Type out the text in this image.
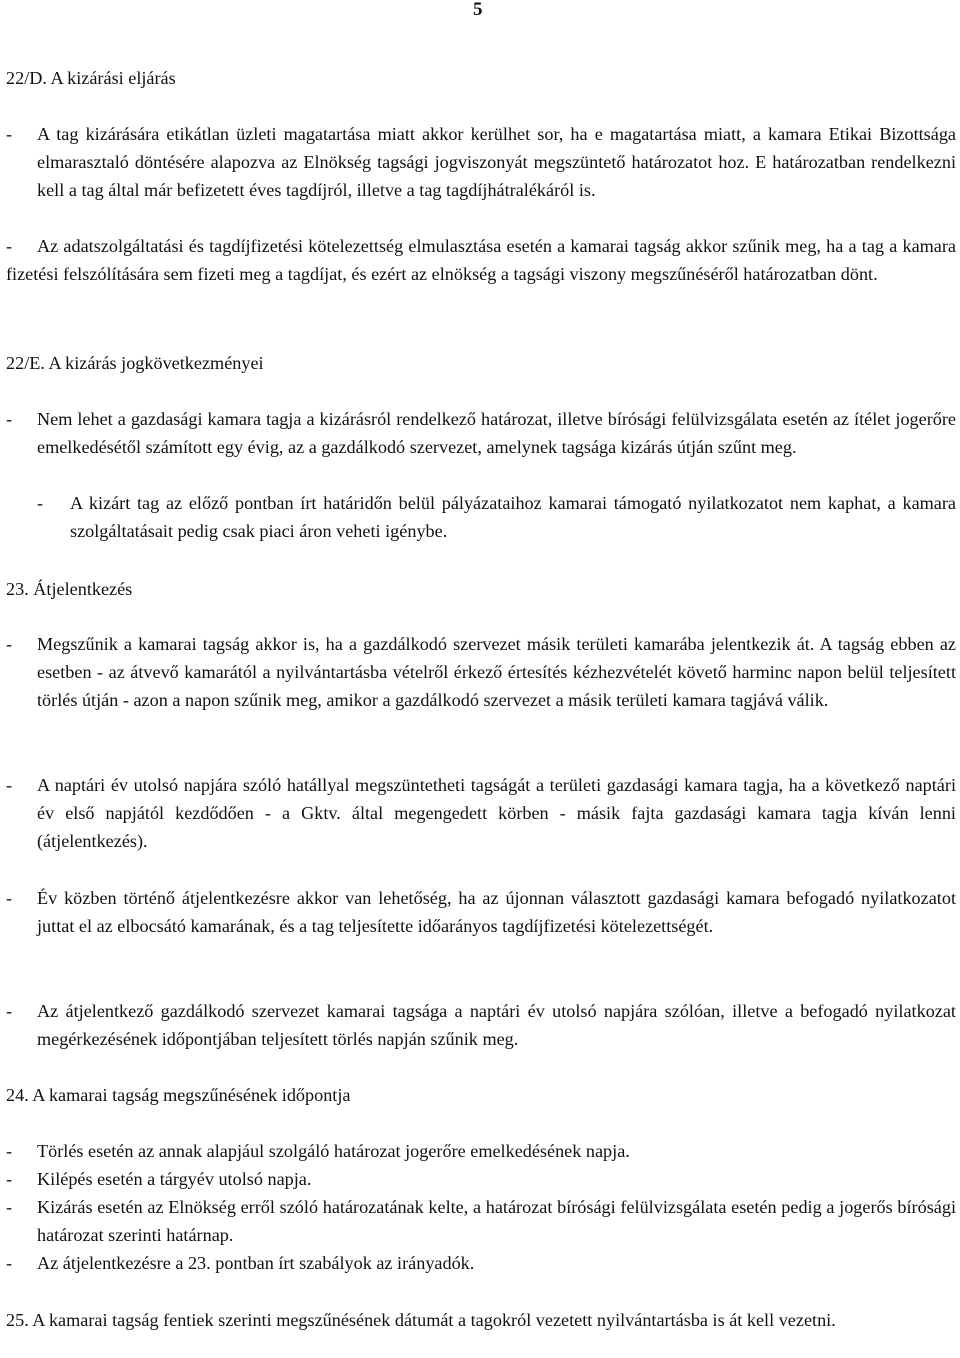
5
22/D. A kizárási eljárás
- A tag kizárására etikátlan üzleti magatartása miatt akkor kerülhet sor, ha e magatartása miatt, a kamara Etikai Bizottsága elmarasztaló döntésére alapozva az Elnökség tagsági jogviszonyát megszüntető határozatot hoz. E határozatban rendelkezni kell a tag által már befizetett éves tagdíjról, illetve a tag tagdíjhátralékáról is.

- Az adatszolgáltatási és tagdíjfizetési kötelezettség elmulasztása esetén a kamarai tagság akkor szűnik meg, ha a tag a kamara fizetési felszólítására sem fizeti meg a tagdíjat, és ezért az elnökség a tagsági viszony megszűnéséről határozatban dönt.

22/E. A kizárás jogkövetkezményei
- Nem lehet a gazdasági kamara tagja a kizárásról rendelkező határozat, illetve bírósági felülvizsgálata esetén az ítélet jogerőre emelkedésétől számított egy évig, az a gazdálkodó szervezet, amelynek tagsága kizárás útján szűnt meg.

- A kizárt tag az előző pontban írt határidőn belül pályázataihoz kamarai támogató nyilatkozatot nem kaphat, a kamara szolgáltatásait pedig csak piaci áron veheti igénybe.

23. Átjelentkezés
- Megszűnik a kamarai tagság akkor is, ha a gazdálkodó szervezet másik területi kamarába jelentkezik át. A tagság ebben az esetben - az átvevő kamarától a nyilvántartásba vételről érkező értesítés kézhezvételét követő harminc napon belül teljesített törlés útján - azon a napon szűnik meg, amikor a gazdálkodó szervezet a másik területi kamara tagjává válik.

- A naptári év utolsó napjára szóló hatállyal megszüntetheti tagságát a területi gazdasági kamara tagja, ha a következő naptári év első napjától kezdődően - a Gktv. által megengedett körben - másik fajta gazdasági kamara tagja kíván lenni (átjelentkezés).

- Év közben történő átjelentkezésre akkor van lehetőség, ha az újonnan választott gazdasági kamara befogadó nyilatkozatot juttat el az elbocsátó kamarának, és a tag teljesítette időarányos tagdíjfizetési kötelezettségét.

- Az átjelentkező gazdálkodó szervezet kamarai tagsága a naptári év utolsó napjára szólóan, illetve a befogadó nyilatkozat megérkezésének időpontjában teljesített törlés napján szűnik meg.

24. A kamarai tagság megszűnésének időpontja
- Törlés esetén az annak alapjául szolgáló határozat jogerőre emelkedésének napja.

- Kilépés esetén a tárgyév utolsó napja.

- Kizárás esetén az Elnökség erről szóló határozatának kelte, a határozat bírósági felülvizsgálata esetén pedig a jogerős bírósági határozat szerinti határnap.

- Az átjelentkezésre a 23. pontban írt szabályok az irányadók.

25. A kamarai tagság fentiek szerinti megszűnésének dátumát a tagokról vezetett nyilvántartásba is át kell vezetni.
